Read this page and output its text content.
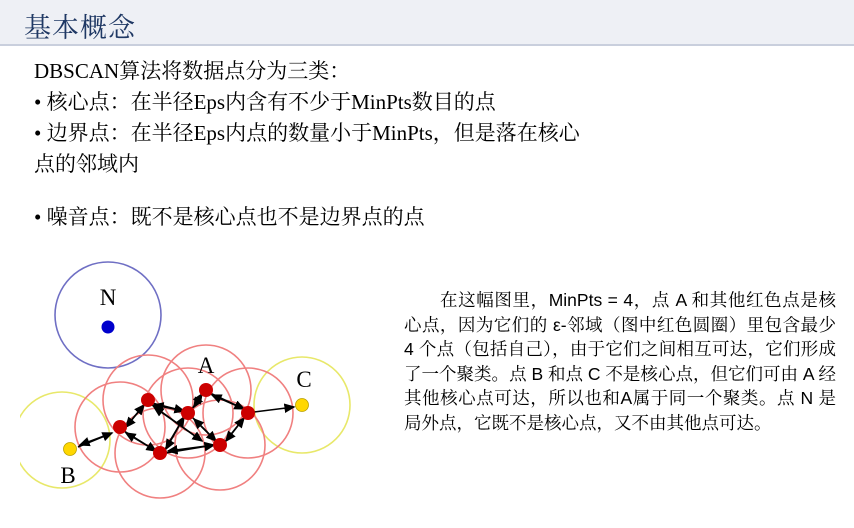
基本概念
DBSCAN算法将数据点分为三类：
• 核心点：在半径Eps内含有不少于MinPts数目的点
• 边界点：在半径Eps内点的数量小于MinPts，但是落在核心
点的邻域内
• 噪音点：既不是核心点也不是边界点的点
在这幅图里，MinPts = 4，点 A 和其他红色点是核心点，因为它们的 ε-邻域（图中红色圆圈）里包含最少 4 个点（包括自己），由于它们之间相互可达，它们形成了一个聚类。点 B 和点 C 不是核心点，但它们可由 A 经其他核心点可达，所以也和A属于同一个聚类。点 N 是局外点，它既不是核心点，又不由其他点可达。
N
A
B
C
